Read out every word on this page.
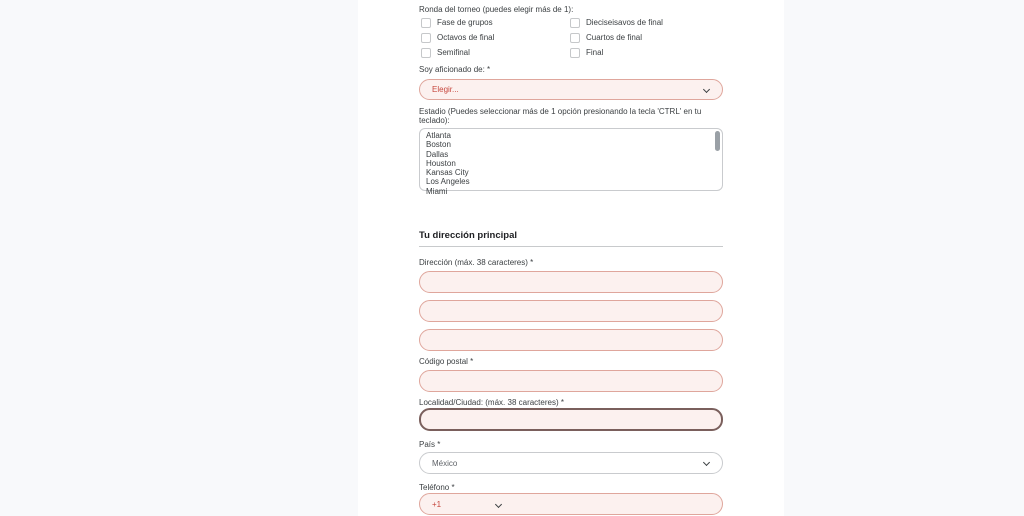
Ronda del torneo (puedes elegir más de 1):
Fase de grupos	Dieciseisavos de final
Octavos de final	Cuartos de final
Semifinal	Final
Soy aficionado de: *
Elegir...
Estadio (Puedes seleccionar más de 1 opción presionando la tecla 'CTRL' en tu teclado):
Atlanta
Boston
Dallas
Houston
Kansas City
Los Angeles
Miami
Tu dirección principal
Dirección (máx. 38 caracteres) *
Código postal *
Localidad/Ciudad: (máx. 38 caracteres) *
País *
México
Teléfono *
+1
